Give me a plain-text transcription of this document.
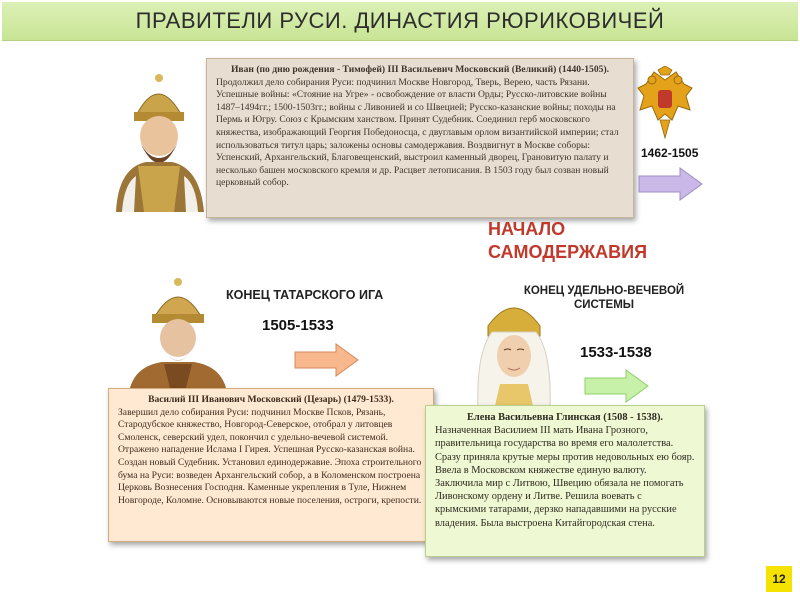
ПРАВИТЕЛИ РУСИ. ДИНАСТИЯ РЮРИКОВИЧЕЙ
Иван (по дню рождения - Тимофей) III Васильевич Московский (Великий) (1440-1505).
Продолжил дело собирания Руси: подчинил Москве Новгород, Тверь, Верею, часть Рязани. Успешные войны: «Стояние на Угре» - освобождение от власти Орды; Русско-литовские войны 1487–1494гг.; 1500-1503гг.; войны с Ливонией и со Швецией; Русско-казанские войны; походы на Пермь и Югру. Союз с Крымским ханством. Принят Судебник. Соединил герб московского княжества, изображающий Георгия Победоносца, с двуглавым орлом византийской империи; стал использоваться титул царь; заложены основы самодержавия. Воздвигнут в Москве соборы: Успенский, Архангельский, Благовещенский, выстроил каменный дворец, Грановитую палату и несколько башен московского кремля и др. Расцвет летописания. В 1503 году был созван новый церковный собор.
1462-1505
НАЧАЛО САМОДЕРЖАВИЯ
КОНЕЦ ТАТАРСКОГО ИГА
1505-1533
Василий III Иванович Московский (Цезарь) (1479-1533).
Завершил дело собирания Руси: подчинил Москве Псков, Рязань, Стародубское княжество, Новгород-Северское, отобрал у литовцев Смоленск, северский удел, покончил с удельно-вечевой системой. Отражено нападение Ислама I Гирея. Успешная Русско-казанская война. Создан новый Судебник. Установил единодержавие. Эпоха строительного бума на Руси: возведен Архангельский собор, а в Коломенском построена Церковь Вознесения Господня. Каменные укрепления в Туле, Нижнем Новгороде, Коломне. Основываются новые поселения, остроги, крепости.
КОНЕЦ УДЕЛЬНО-ВЕЧЕВОЙ СИСТЕМЫ
1533-1538
Елена Васильевна Глинская (1508 - 1538).
Назначенная Василием III мать Ивана Грозного, правительница государства во время его малолетства. Сразу приняла крутые меры против недовольных ею бояр. Ввела в Московском княжестве единую валюту. Заключила мир с Литвою, Швецию обязала не помогать Ливонскому ордену и Литве. Решила воевать с крымскими татарами, дерзко нападавшими на русские владения. Была выстроена Китайгородская стена.
12
